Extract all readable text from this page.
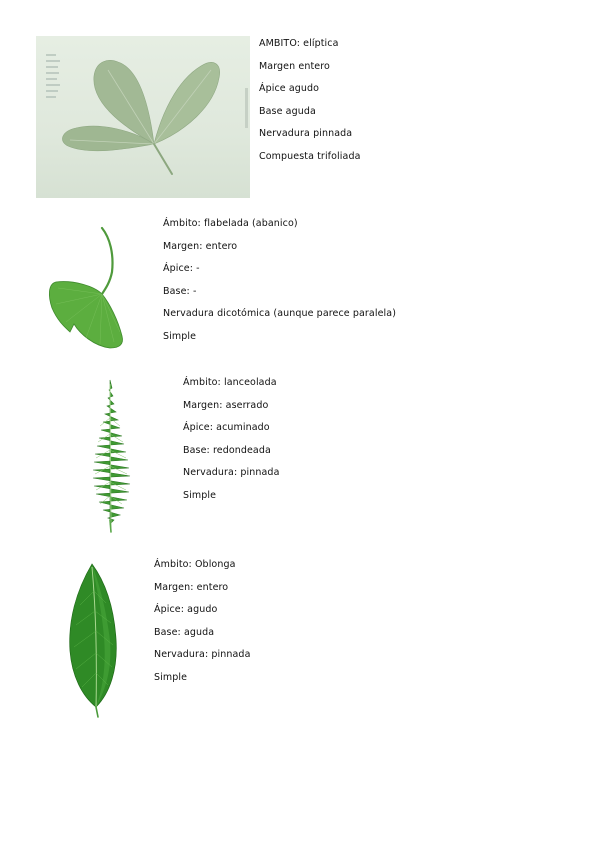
AMBITO: elíptica
Margen entero
Ápice agudo
Base aguda
Nervadura pinnada
Compuesta trifoliada
Ámbito: flabelada (abanico)
Margen: entero
Ápice: -
Base: -
Nervadura dicotómica (aunque parece paralela)
Simple
Ámbito: lanceolada
Margen: aserrado
Ápice: acuminado
Base: redondeada
Nervadura: pinnada
Simple
Ámbito: Oblonga
Margen: entero
Ápice: agudo
Base: aguda
Nervadura: pinnada
Simple
